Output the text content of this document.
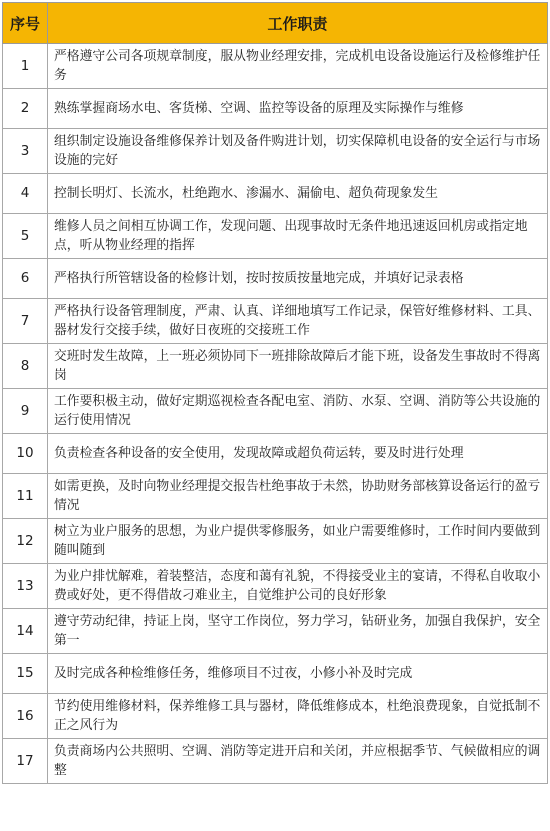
序号	工作职责
1	严格遵守公司各项规章制度，服从物业经理安排，完成机电设备设施运行及检修维护任务
2	熟练掌握商场水电、客货梯、空调、监控等设备的原理及实际操作与维修
3	组织制定设施设备维修保养计划及备件购进计划，切实保障机电设备的安全运行与市场设施的完好
4	控制长明灯、长流水，杜绝跑水、渗漏水、漏偷电、超负荷现象发生
5	维修人员之间相互协调工作，发现问题、出现事故时无条件地迅速返回机房或指定地点，听从物业经理的指挥
6	严格执行所管辖设备的检修计划，按时按质按量地完成，并填好记录表格
7	严格执行设备管理制度，严肃、认真、详细地填写工作记录，保管好维修材料、工具、器材发行交接手续，做好日夜班的交接班工作
8	交班时发生故障，上一班必须协同下一班排除故障后才能下班，设备发生事故时不得离岗
9	工作要积极主动，做好定期巡视检查各配电室、消防、水泵、空调、消防等公共设施的运行使用情况
10	负责检查各种设备的安全使用，发现故障或超负荷运转，要及时进行处理
11	如需更换，及时向物业经理提交报告杜绝事故于未然，协助财务部核算设备运行的盈亏情况
12	树立为业户服务的思想，为业户提供零修服务，如业户需要维修时，工作时间内要做到随叫随到
13	为业户排忧解难，着装整洁，态度和蔼有礼貌，不得接受业主的宴请，不得私自收取小费或好处，更不得借故刁难业主，自觉维护公司的良好形象
14	遵守劳动纪律，持证上岗，坚守工作岗位，努力学习，钻研业务，加强自我保护，安全第一
15	及时完成各种检维修任务，维修项目不过夜，小修小补及时完成
16	节约使用维修材料，保养维修工具与器材，降低维修成本，杜绝浪费现象，自觉抵制不正之风行为
17	负责商场内公共照明、空调、消防等定进开启和关闭，并应根据季节、气候做相应的调整
